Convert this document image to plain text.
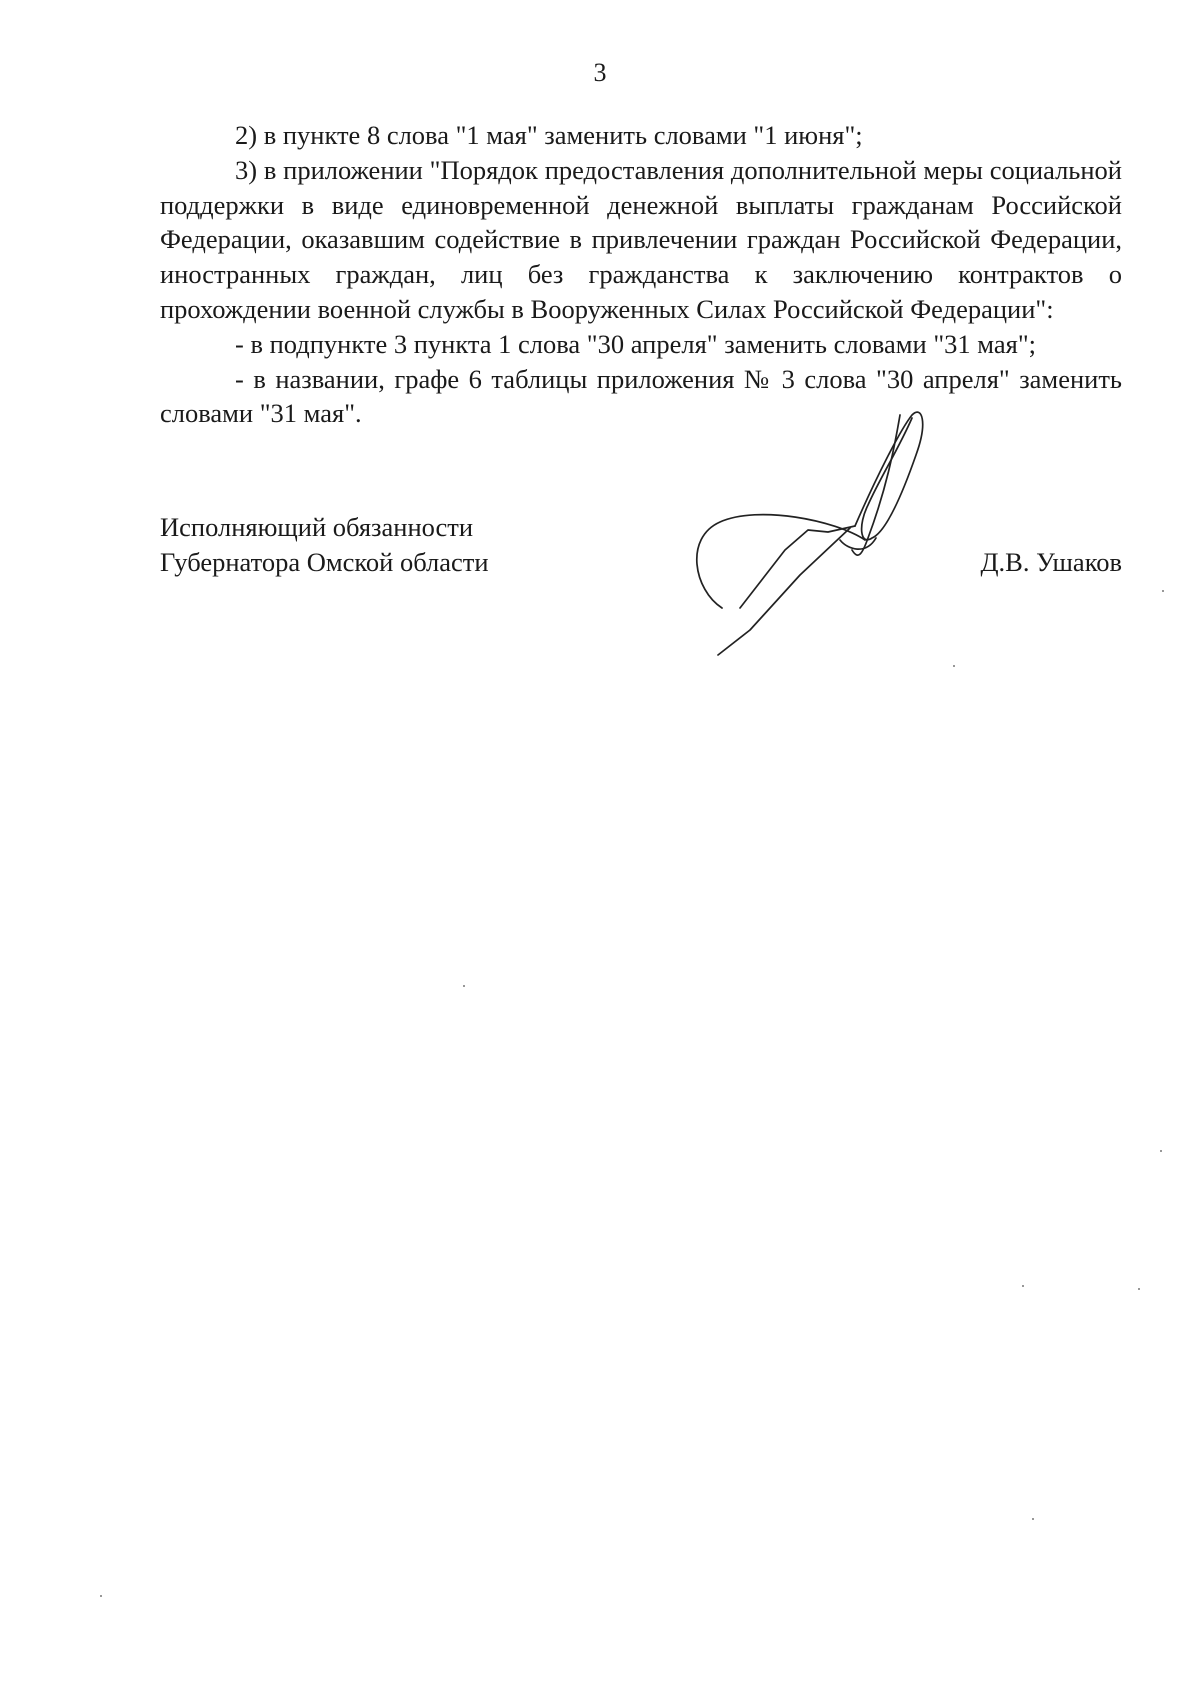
3

2) в пункте 8 слова "1 мая" заменить словами "1 июня";

3) в приложении "Порядок предоставления дополнительной меры социальной поддержки в виде единовременной денежной выплаты гражданам Российской Федерации, оказавшим содействие в привлечении граждан Российской Федерации, иностранных граждан, лиц без гражданства к заключению контрактов о прохождении военной службы в Вооруженных Силах Российской Федерации":

- в подпункте 3 пункта 1 слова "30 апреля" заменить словами "31 мая";

- в названии, графе 6 таблицы приложения № 3 слова "30 апреля" заменить словами "31 мая".

Исполняющий обязанности
Губернатора Омской области	Д.В. Ушаков
